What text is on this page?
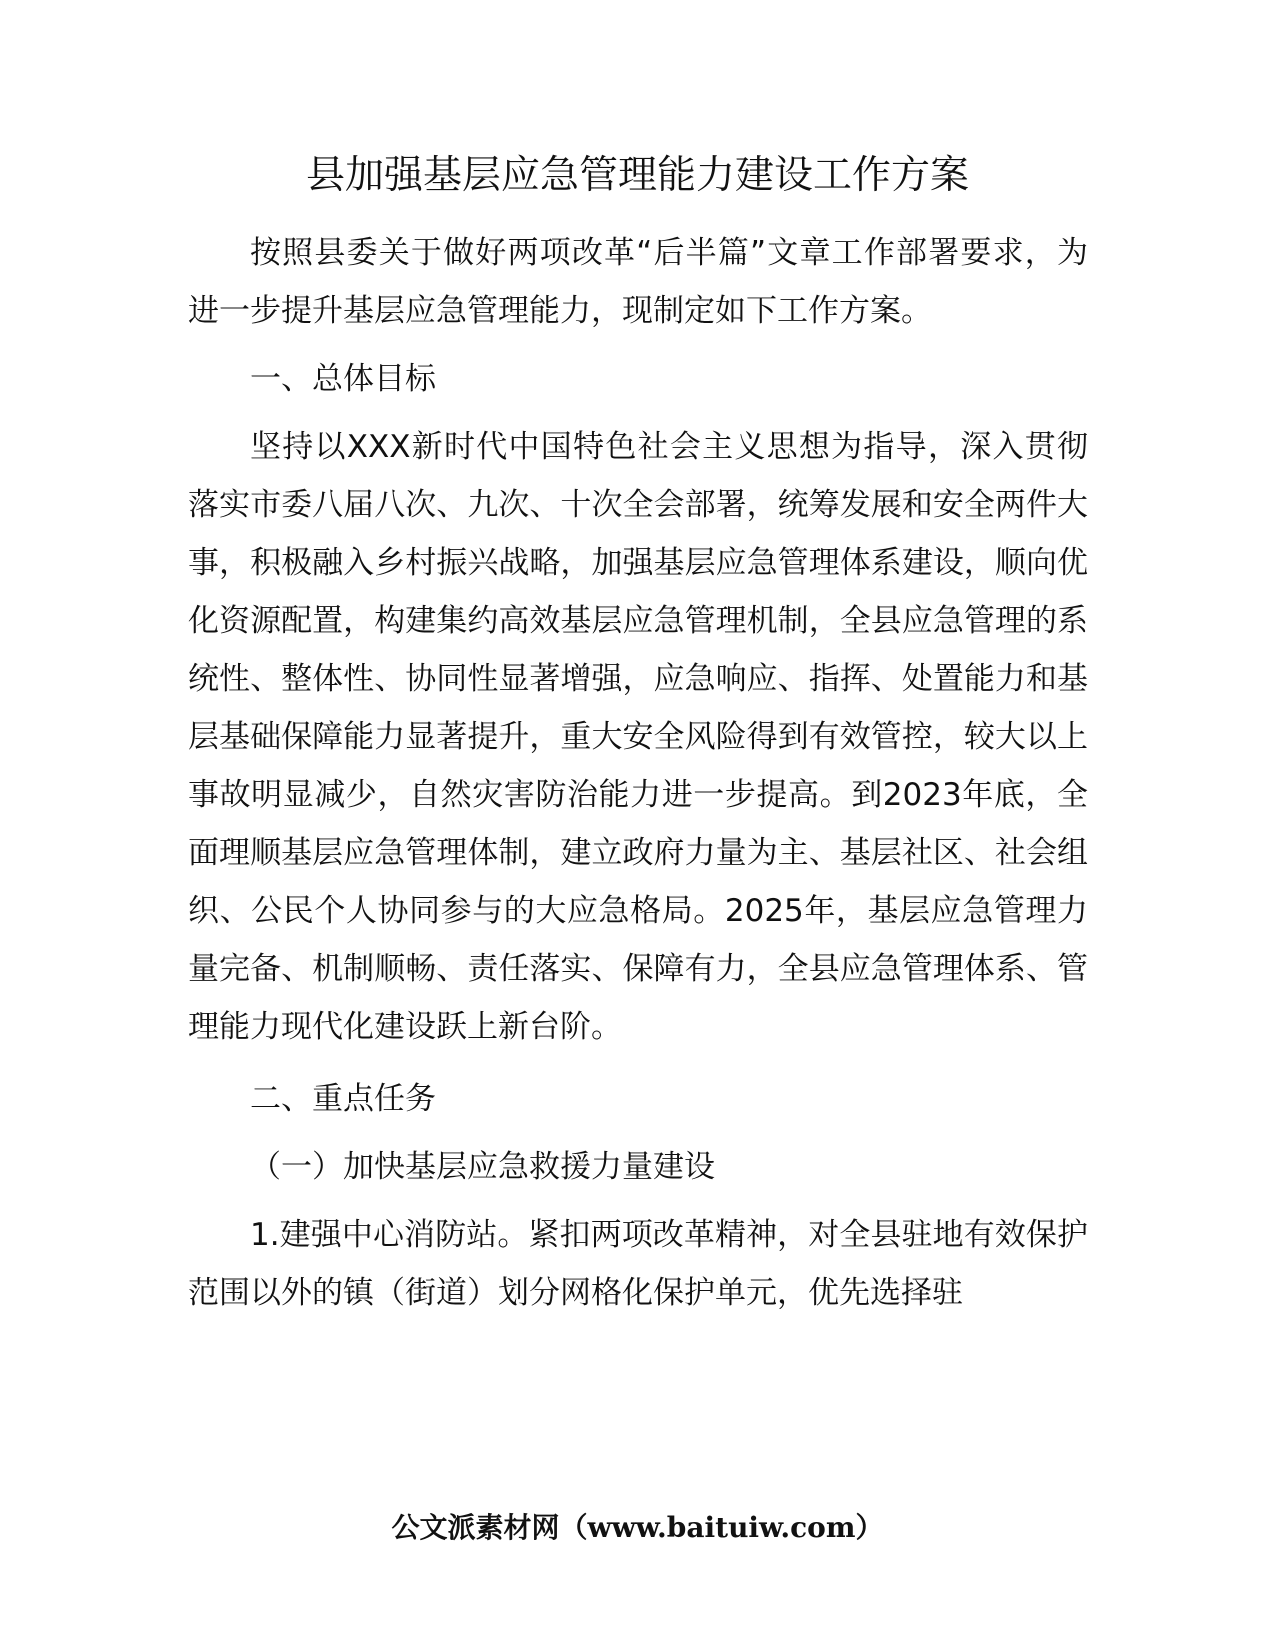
县加强基层应急管理能力建设工作方案

按照县委关于做好两项改革“后半篇”文章工作部署要求，为进一步提升基层应急管理能力，现制定如下工作方案。

一、总体目标

坚持以XXX新时代中国特色社会主义思想为指导，深入贯彻落实市委八届八次、九次、十次全会部署，统筹发展和安全两件大事，积极融入乡村振兴战略，加强基层应急管理体系建设，顺向优化资源配置，构建集约高效基层应急管理机制，全县应急管理的系统性、整体性、协同性显著增强，应急响应、指挥、处置能力和基层基础保障能力显著提升，重大安全风险得到有效管控，较大以上事故明显减少，自然灾害防治能力进一步提高。到2023年底，全面理顺基层应急管理体制，建立政府力量为主、基层社区、社会组织、公民个人协同参与的大应急格局。2025年，基层应急管理力量完备、机制顺畅、责任落实、保障有力，全县应急管理体系、管理能力现代化建设跃上新台阶。

二、重点任务

（一）加快基层应急救援力量建设

1.建强中心消防站。紧扣两项改革精神，对全县驻地有效保护范围以外的镇（街道）划分网格化保护单元，优先选择驻

公文派素材网（www.baituiw.com）
